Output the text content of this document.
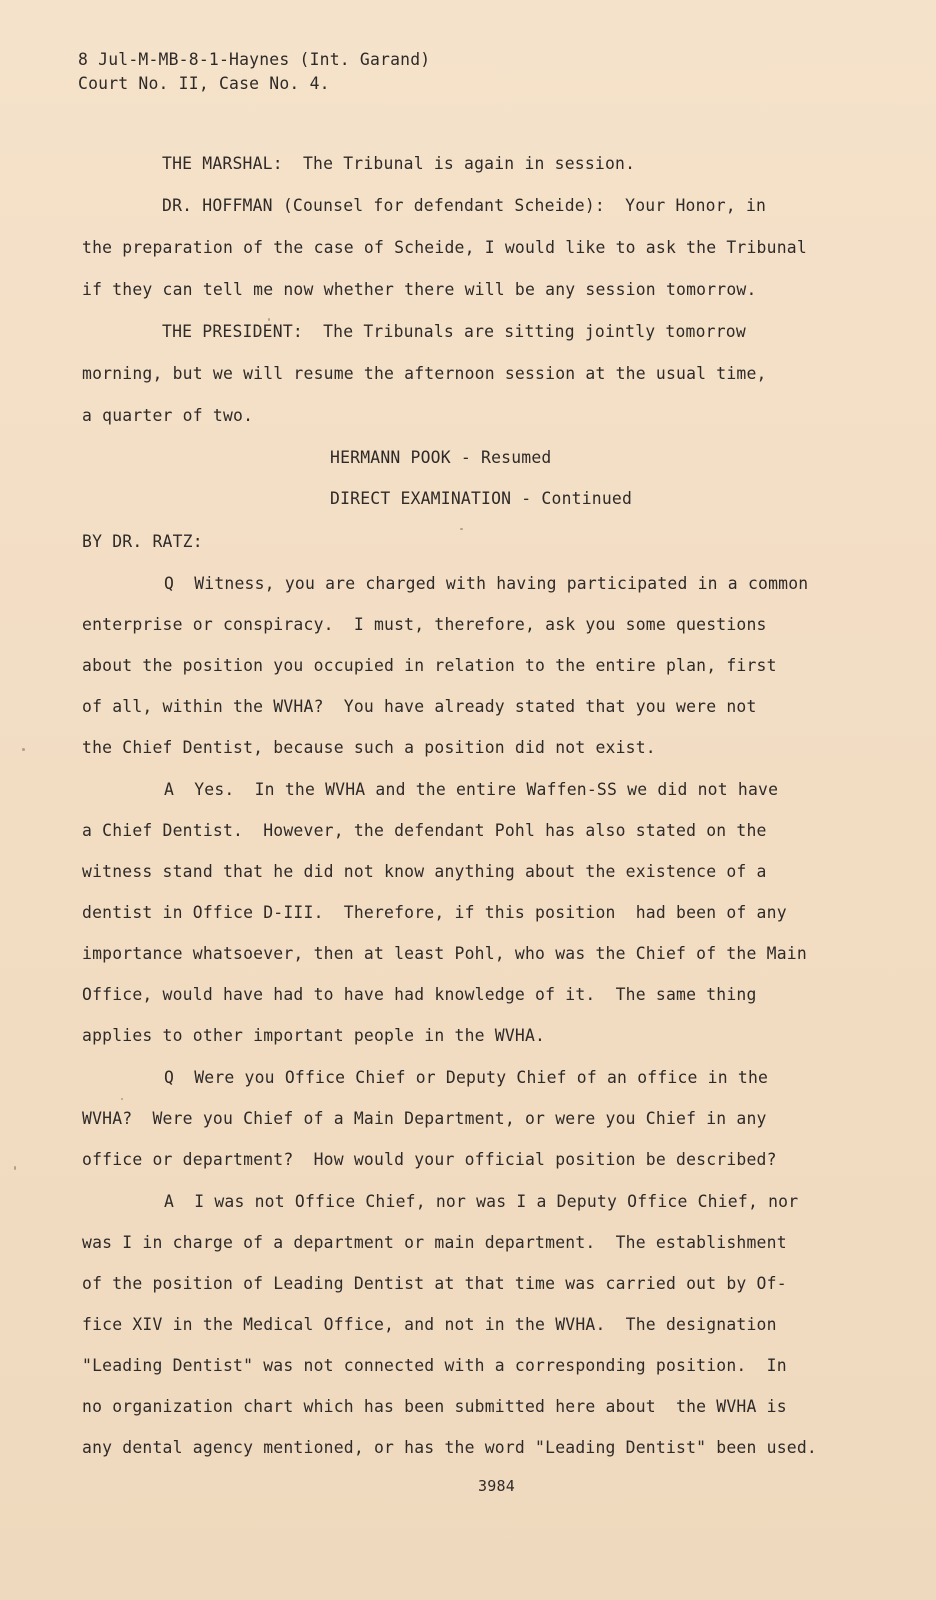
8 Jul-M-MB-8-1-Haynes (Int. Garand)
Court No. II, Case No. 4.
THE MARSHAL:  The Tribunal is again in session.
DR. HOFFMAN (Counsel for defendant Scheide):  Your Honor, in
the preparation of the case of Scheide, I would like to ask the Tribunal
if they can tell me now whether there will be any session tomorrow.
THE PRESIDENT:  The Tribunals are sitting jointly tomorrow
morning, but we will resume the afternoon session at the usual time,
a quarter of two.
HERMANN POOK - Resumed
DIRECT EXAMINATION - Continued
BY DR. RATZ:
Q  Witness, you are charged with having participated in a common
enterprise or conspiracy.  I must, therefore, ask you some questions
about the position you occupied in relation to the entire plan, first
of all, within the WVHA?  You have already stated that you were not
the Chief Dentist, because such a position did not exist.
A  Yes.  In the WVHA and the entire Waffen-SS we did not have
a Chief Dentist.  However, the defendant Pohl has also stated on the
witness stand that he did not know anything about the existence of a
dentist in Office D-III.  Therefore, if this position  had been of any
importance whatsoever, then at least Pohl, who was the Chief of the Main
Office, would have had to have had knowledge of it.  The same thing
applies to other important people in the WVHA.
Q  Were you Office Chief or Deputy Chief of an office in the
WVHA?  Were you Chief of a Main Department, or were you Chief in any
office or department?  How would your official position be described?
A  I was not Office Chief, nor was I a Deputy Office Chief, nor
was I in charge of a department or main department.  The establishment
of the position of Leading Dentist at that time was carried out by Of-
fice XIV in the Medical Office, and not in the WVHA.  The designation
"Leading Dentist" was not connected with a corresponding position.  In
no organization chart which has been submitted here about  the WVHA is
any dental agency mentioned, or has the word "Leading Dentist" been used.
3984
